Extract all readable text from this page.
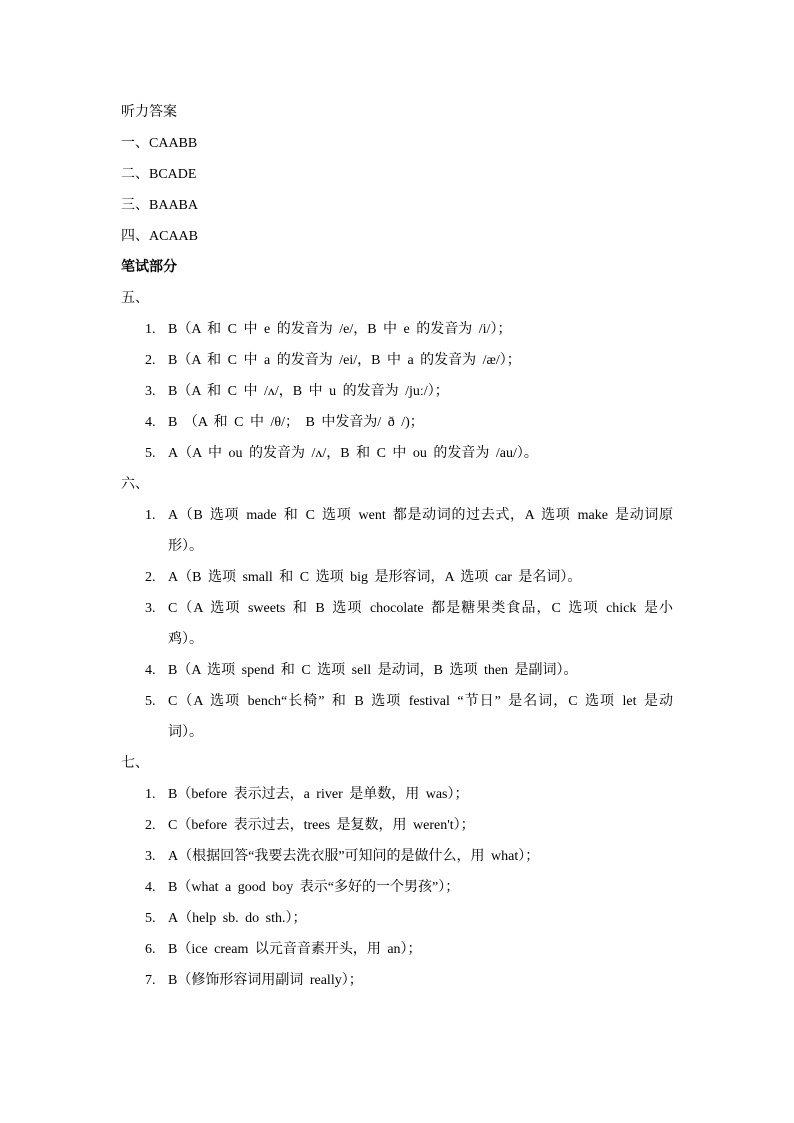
听力答案

一、CAABB

二、BCADE

三、BAABA

四、ACAAB

笔试部分

五、

1. B（A 和 C 中 e 的发音为 /e/，B 中 e 的发音为 /i/）；
2. B（A 和 C 中 a 的发音为 /ei/，B 中 a 的发音为 /æ/）；
3. B（A 和 C 中 /ʌ/，B 中 u 的发音为 /juː/）；
4. B （A 和 C 中 /θ/； B 中发音为/ ð /)；
5. A（A 中 ou 的发音为 /ʌ/，B 和 C 中 ou 的发音为 /au/）。

六、

1. A（B 选项 made 和 C 选项 went 都是动词的过去式，A 选项 make 是动词原形）。
2. A（B 选项 small 和 C 选项 big 是形容词，A 选项 car 是名词）。
3. C（A 选项 sweets 和 B 选项 chocolate 都是糖果类食品，C 选项 chick 是小鸡）。
4. B（A 选项 spend 和 C 选项 sell 是动词，B 选项 then 是副词）。
5. C（A 选项 bench“长椅” 和 B 选项 festival “节日” 是名词，C 选项 let 是动词）。

七、

1. B（before 表示过去，a river 是单数，用 was）；
2. C（before 表示过去，trees 是复数，用 weren't）；
3. A（根据回答“我要去洗衣服”可知问的是做什么，用 what）；
4. B（what a good boy 表示“多好的一个男孩”）；
5. A（help sb. do sth.）；
6. B（ice cream 以元音音素开头，用 an）；
7. B（修饰形容词用副词 really）；
